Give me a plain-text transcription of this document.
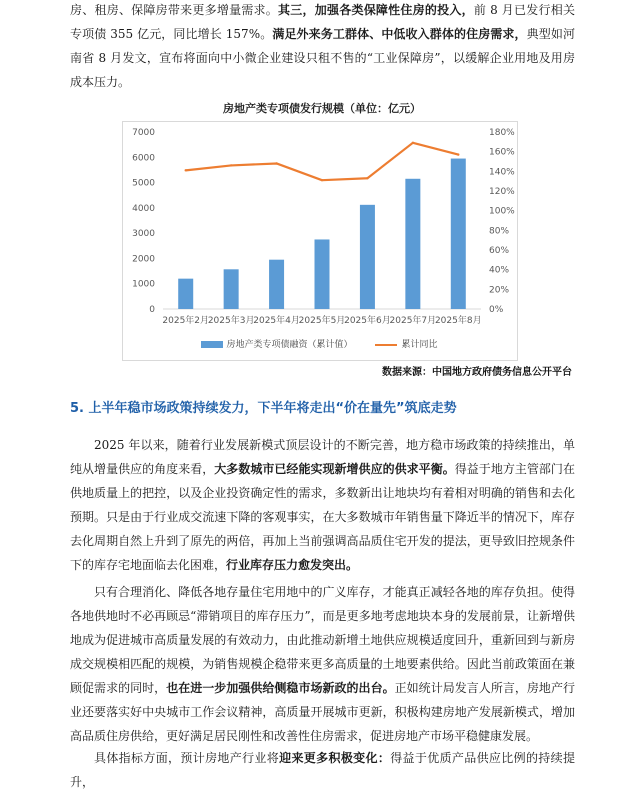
房、租房、保障房带来更多增量需求。其三，加强各类保障性住房的投入，前 8 月已发行相关专项债 355 亿元，同比增长 157%。满足外来务工群体、中低收入群体的住房需求，典型如河南省 8 月发文，宣布将面向中小微企业建设只租不售的“工业保障房”，以缓解企业用地及用房成本压力。

房地产类专项债发行规模（单位：亿元）
0
1000
2000
3000
4000
5000
6000
7000
0%
20%
40%
60%
80%
100%
120%
140%
160%
180%
2025年2月
2025年3月
2025年4月
2025年5月
2025年6月
2025年7月
2025年8月
房地产类专项债融资（累计值）	累计同比
数据来源：中国地方政府债务信息公开平台
5. 上半年稳市场政策持续发力，下半年将走出“价在量先”筑底走势

2025 年以来，随着行业发展新模式顶层设计的不断完善，地方稳市场政策的持续推出，单纯从增量供应的角度来看，大多数城市已经能实现新增供应的供求平衡。得益于地方主管部门在供地质量上的把控，以及企业投资确定性的需求，多数新出让地块均有着相对明确的销售和去化预期。只是由于行业成交流速下降的客观事实，在大多数城市年销售量下降近半的情况下，库存去化周期自然上升到了原先的两倍，再加上当前强调高品质住宅开发的提法，更导致旧控规条件下的库存宅地面临去化困难，行业库存压力愈发突出。

只有合理消化、降低各地存量住宅用地中的广义库存，才能真正减轻各地的库存负担。使得各地供地时不必再顾忌“滞销项目的库存压力”，而是更多地考虑地块本身的发展前景，让新增供地成为促进城市高质量发展的有效动力，由此推动新增土地供应规模适度回升，重新回到与新房成交规模相匹配的规模，为销售规模企稳带来更多高质量的土地要素供给。因此当前政策面在兼顾促需求的同时，也在进一步加强供给侧稳市场新政的出台。正如统计局发言人所言，房地产行业还要落实好中央城市工作会议精神，高质量开展城市更新，积极构建房地产发展新模式，增加高品质住房供给，更好满足居民刚性和改善性住房需求，促进房地产市场平稳健康发展。

具体指标方面，预计房地产行业将迎来更多积极变化：得益于优质产品供应比例的持续提升，
